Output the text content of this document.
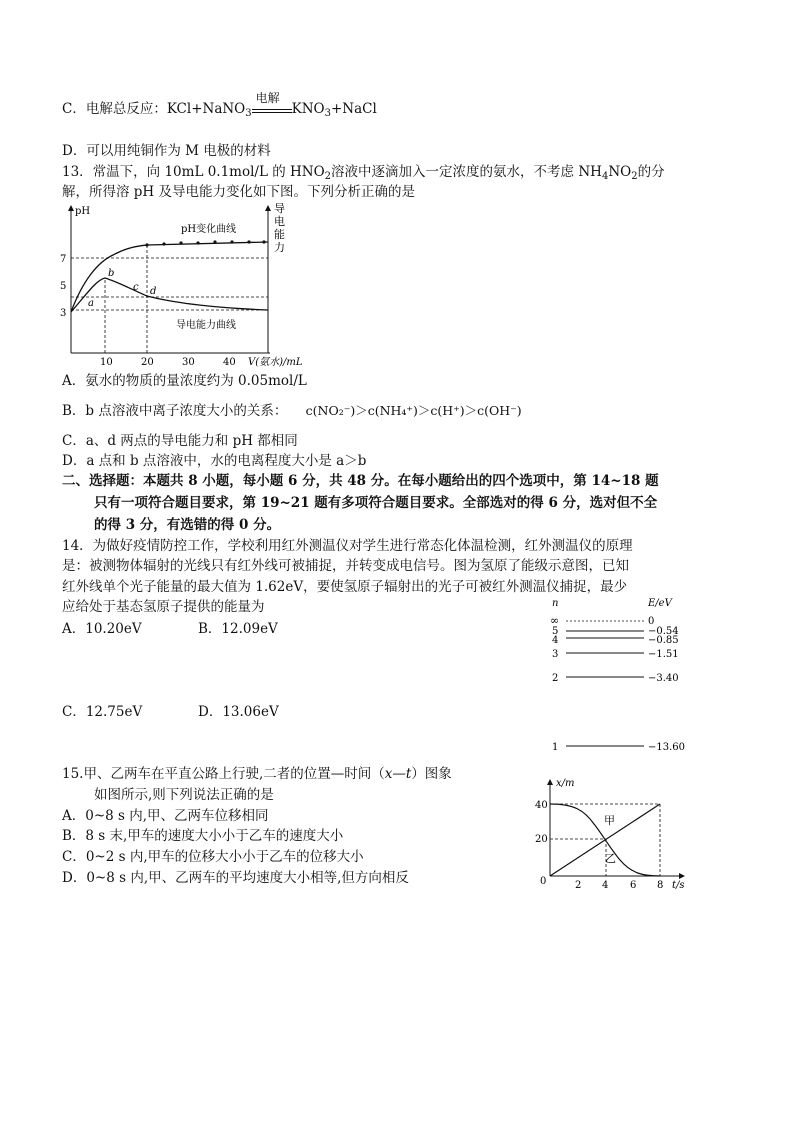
C．电解总反应：KCl+NaNO$_3$
电解
$KNO_3+NaCl$
D．可以用纯铜作为 M 电极的材料
13．常温下，向 10mL 0.1mol/L 的 $HNO_2$溶液中逐滴加入一定浓度的氨水，不考虑 $NH_4NO_2$的分
解，所得溶 pH 及导电能力变化如下图。下列分析正确的是
pH	导电能力
7
5
3
10	20	30	40 V(氨水)/mL
pH变化曲线
导电能力曲线
a
b
c d
A．氨水的物质的量浓度约为 0.05mol/L
B．b 点溶液中离子浓度大小的关系： c(NO₂⁻)＞c(NH₄⁺)＞c(H⁺)＞c(OH⁻)
C．a、d 两点的导电能力和 pH 都相同
D．a 点和 b 点溶液中，水的电离程度大小是 a＞b
二、选择题：本题共 8 小题，每小题 6 分，共 48 分。在每小题给出的四个选项中，第 14~18 题
只有一项符合题目要求，第 19~21 题有多项符合题目要求。全部选对的得 6 分，选对但不全
的得 3 分，有选错的得 0 分。
14．为做好疫情防控工作，学校利用红外测温仪对学生进行常态化体温检测，红外测温仪的原理
是：被测物体辐射的光线只有红外线可被捕捉，并转变成电信号。图为氢原了能级示意图，已知
红外线单个光子能量的最大值为 1.62eV，要使氢原子辐射出的光子可被红外测温仪捕捉，最少
应给处于基态氢原子提供的能量为
A．10.20eV	B．12.09eV
C．12.75eV	D．13.06eV
n	E/eV
∞	0
5	−0.54
4	−0.85
3	−1.51
2	−3.40
1	−13.60
15.甲、乙两车在平直公路上行驶,二者的位置—时间（x—t）图象
如图所示,则下列说法正确的是
A．0~8 s 内,甲、乙两车位移相同
B．8 s 末,甲车的速度大小小于乙车的速度大小
C．0~2 s 内,甲车的位移大小小于乙车的位移大小
D．0~8 s 内,甲、乙两车的平均速度大小相等,但方向相反
x/m
t/s
0
40
20
2 4 6 8
甲
乙
